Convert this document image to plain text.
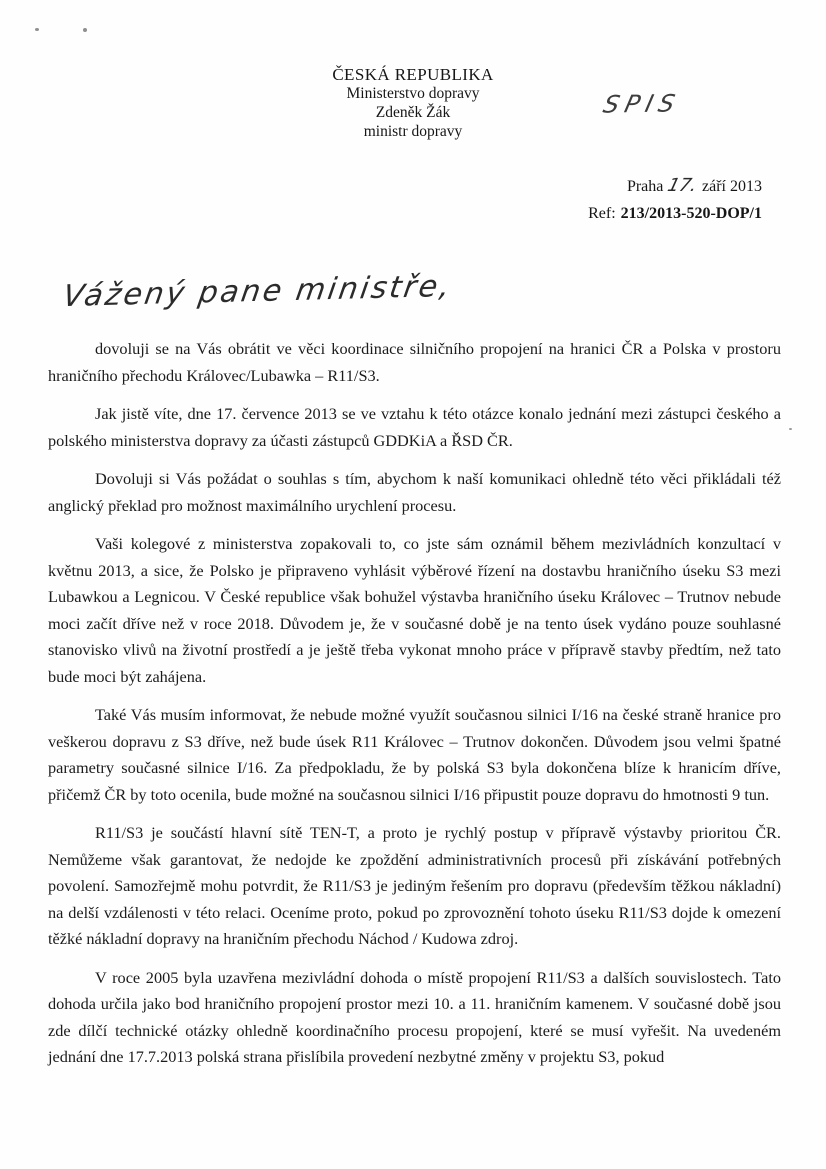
ČESKÁ REPUBLIKA
Ministerstvo dopravy
Zdeněk Žák
ministr dopravy
SPIS
Praha 17. září 2013
Ref: 213/2013-520-DOP/1
Vážený pane ministře,

dovoluji se na Vás obrátit ve věci koordinace silničního propojení na hranici ČR a Polska v prostoru hraničního přechodu Královec/Lubawka – R11/S3.

Jak jistě víte, dne 17. července 2013 se ve vztahu k této otázce konalo jednání mezi zástupci českého a polského ministerstva dopravy za účasti zástupců GDDKiA a ŘSD ČR.

Dovoluji si Vás požádat o souhlas s tím, abychom k naší komunikaci ohledně této věci přikládali též anglický překlad pro možnost maximálního urychlení procesu.

Vaši kolegové z ministerstva zopakovali to, co jste sám oznámil během mezivládních konzultací v květnu 2013, a sice, že Polsko je připraveno vyhlásit výběrové řízení na dostavbu hraničního úseku S3 mezi Lubawkou a Legnicou. V České republice však bohužel výstavba hraničního úseku Královec – Trutnov nebude moci začít dříve než v roce 2018. Důvodem je, že v současné době je na tento úsek vydáno pouze souhlasné stanovisko vlivů na životní prostředí a je ještě třeba vykonat mnoho práce v přípravě stavby předtím, než tato bude moci být zahájena.

Také Vás musím informovat, že nebude možné využít současnou silnici I/16 na české straně hranice pro veškerou dopravu z S3 dříve, než bude úsek R11 Královec – Trutnov dokončen. Důvodem jsou velmi špatné parametry současné silnice I/16. Za předpokladu, že by polská S3 byla dokončena blíze k hranicím dříve, přičemž ČR by toto ocenila, bude možné na současnou silnici I/16 připustit pouze dopravu do hmotnosti 9 tun.

R11/S3 je součástí hlavní sítě TEN-T, a proto je rychlý postup v přípravě výstavby prioritou ČR. Nemůžeme však garantovat, že nedojde ke zpoždění administrativních procesů při získávání potřebných povolení. Samozřejmě mohu potvrdit, že R11/S3 je jediným řešením pro dopravu (především těžkou nákladní) na delší vzdálenosti v této relaci. Oceníme proto, pokud po zprovoznění tohoto úseku R11/S3 dojde k omezení těžké nákladní dopravy na hraničním přechodu Náchod / Kudowa zdroj.

V roce 2005 byla uzavřena mezivládní dohoda o místě propojení R11/S3 a dalších souvislostech. Tato dohoda určila jako bod hraničního propojení prostor mezi 10. a 11. hraničním kamenem. V současné době jsou zde dílčí technické otázky ohledně koordinačního procesu propojení, které se musí vyřešit. Na uvedeném jednání dne 17.7.2013 polská strana přislíbila provedení nezbytné změny v projektu S3, pokud
